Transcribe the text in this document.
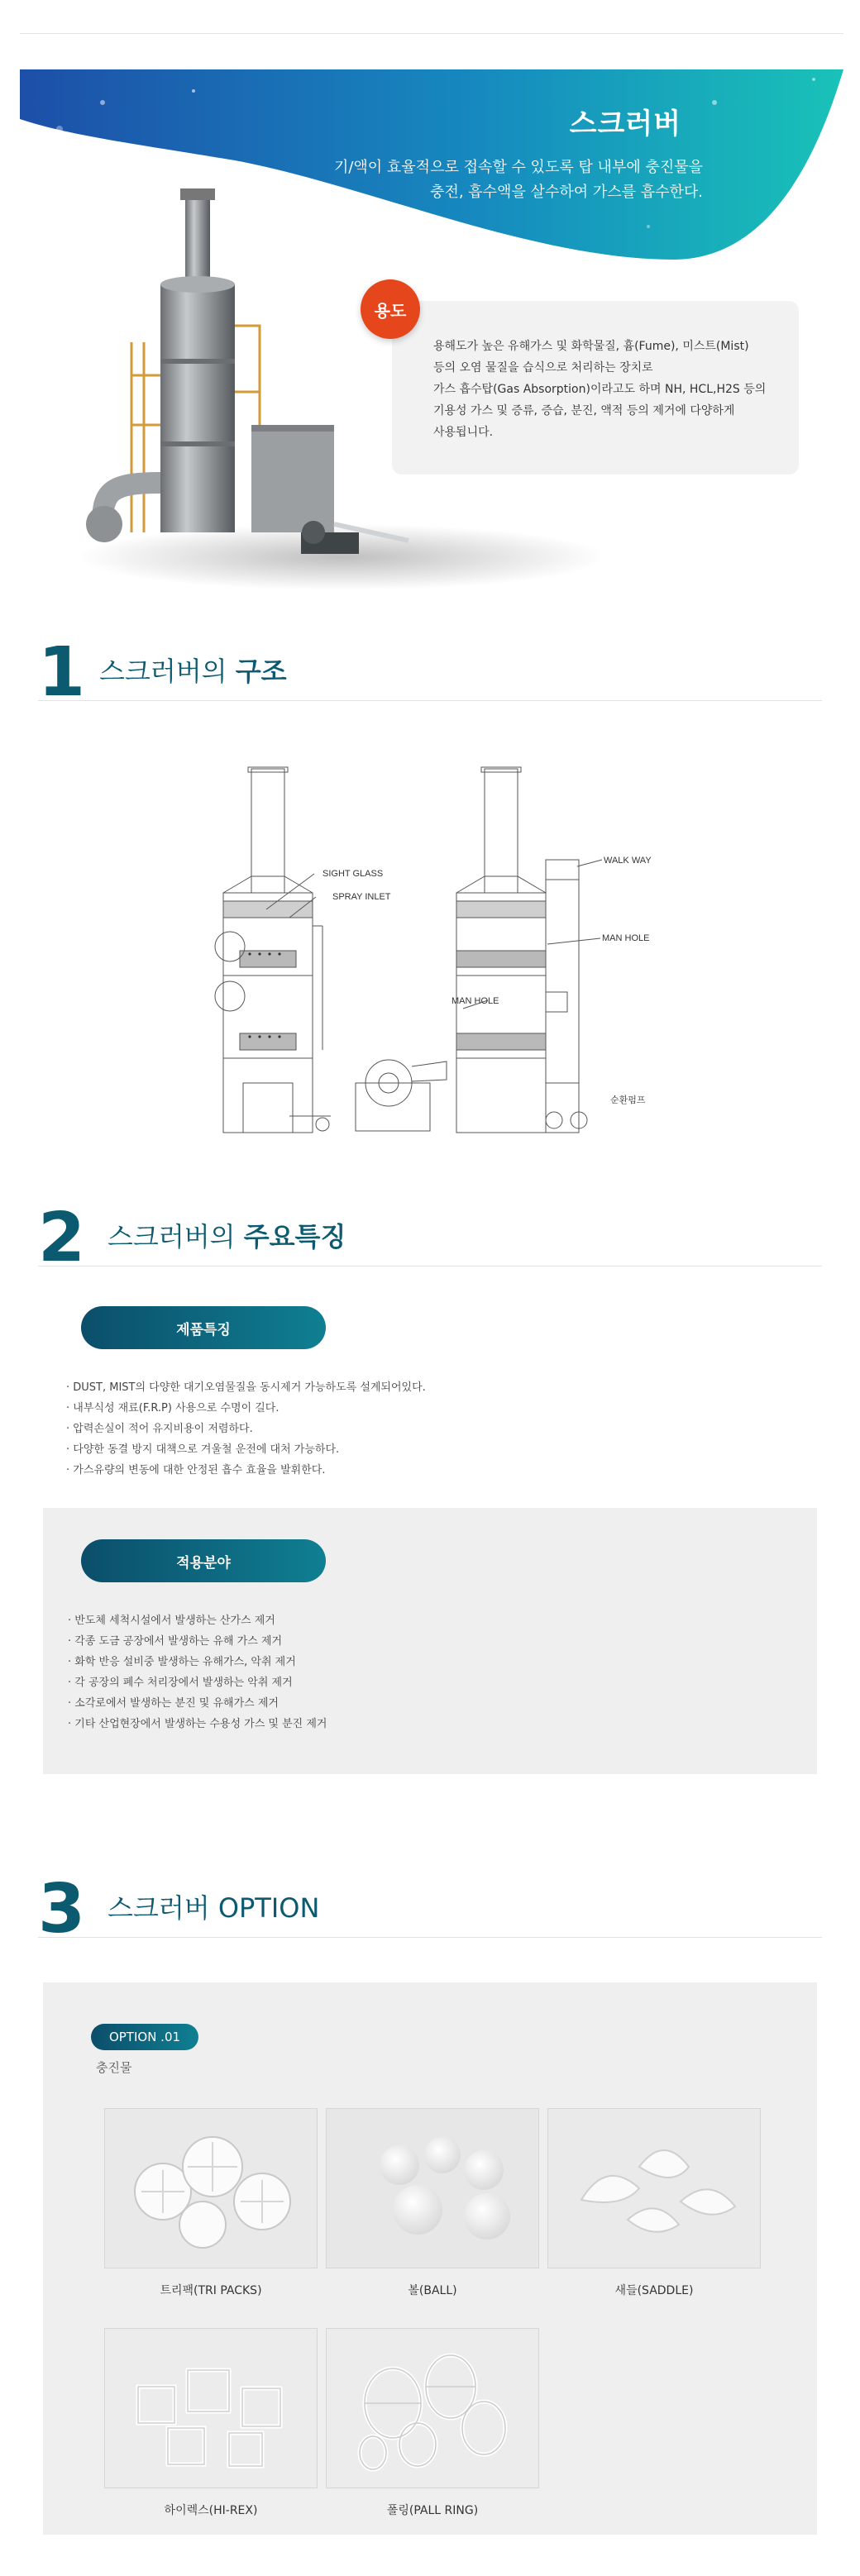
스크러버
기/액이 효율적으로 접속할 수 있도록 탑 내부에 충진물을
충전, 흡수액을 살수하여 가스를 흡수한다.
용도
용해도가 높은 유해가스 및 화학물질, 흄(Fume), 미스트(Mist)
등의 오염 물질을 습식으로 처리하는 장치로
가스 흡수탑(Gas Absorption)이라고도 하며 NH, HCL,H2S 등의
기용성 가스 및 증류, 증습, 분진, 액적 등의 제거에 다양하게
사용됩니다.
1 스크러버의 구조
SIGHT GLASS
SPRAY INLET
WALK WAY
MAN HOLE
MAN HOLE
순환펌프
2 스크러버의 주요특징
제품특징
· DUST, MIST의 다양한 대기오염물질을 동시제거 가능하도록 설계되어있다.
· 내부식성 재료(F.R.P) 사용으로 수명이 길다.
· 압력손실이 적어 유지비용이 저렴하다.
· 다양한 동결 방지 대책으로 겨울철 운전에 대처 가능하다.
· 가스유량의 변동에 대한 안정된 흡수 효율을 발휘한다.
적용분야
· 반도체 세척시설에서 발생하는 산가스 제거
· 각종 도금 공장에서 발생하는 유해 가스 제거
· 화학 반응 설비중 발생하는 유해가스, 악취 제거
· 각 공장의 폐수 처리장에서 발생하는 악취 제거
· 소각로에서 발생하는 분진 및 유해가스 제거
· 기타 산업현장에서 발생하는 수용성 가스 및 분진 제거
3 스크러버 OPTION
OPTION .01
충진물
트리팩(TRI PACKS)	볼(BALL)	새들(SADDLE)
하이렉스(HI-REX)	폴링(PALL RING)
